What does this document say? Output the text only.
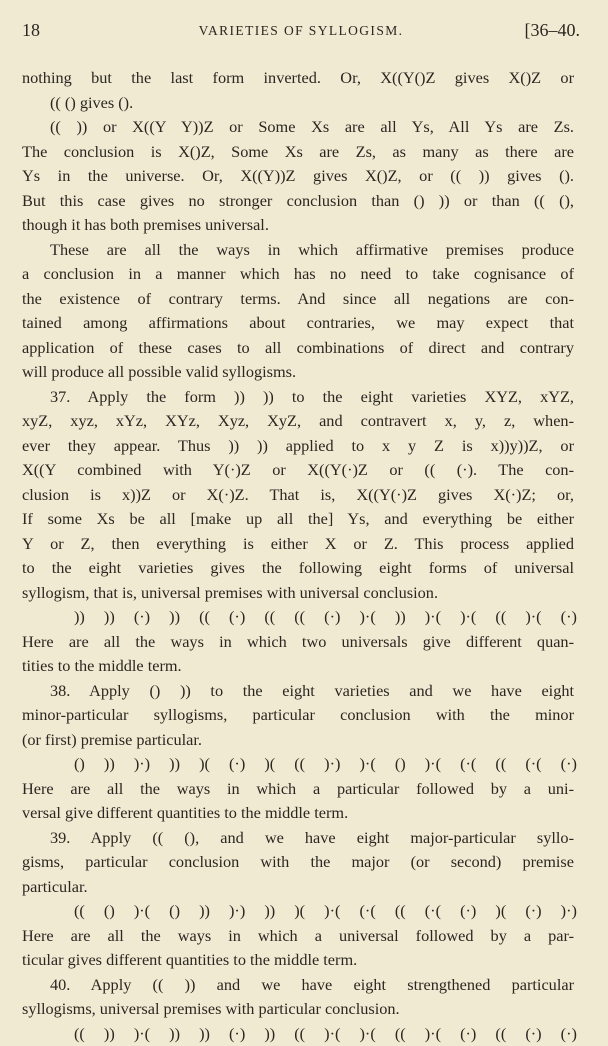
18	VARIETIES OF SYLLOGISM.	[36–40.
nothing but the last form inverted. Or, X((Y()Z gives X()Z or
(( () gives ().
(( )) or X((Y Y))Z or Some Xs are all Ys, All Ys are Zs.
The conclusion is X()Z, Some Xs are Zs, as many as there are
Ys in the universe. Or, X((Y))Z gives X()Z, or (( )) gives ().
But this case gives no stronger conclusion than () )) or than (( (),
though it has both premises universal.
These are all the ways in which affirmative premises produce
a conclusion in a manner which has no need to take cognisance of
the existence of contrary terms. And since all negations are con-
tained among affirmations about contraries, we may expect that
application of these cases to all combinations of direct and contrary
will produce all possible valid syllogisms.
37. Apply the form )) )) to the eight varieties XYZ, xYZ,
xyZ, xyz, xYz, XYz, Xyz, XyZ, and contravert x, y, z, when-
ever they appear. Thus )) )) applied to x y Z is x))y))Z, or
X((Y combined with Y(·)Z or X((Y(·)Z or (( (·). The con-
clusion is x))Z or X(·)Z. That is, X((Y(·)Z gives X(·)Z; or,
If some Xs be all [make up all the] Ys, and everything be either
Y or Z, then everything is either X or Z. This process applied
to the eight varieties gives the following eight forms of universal
syllogism, that is, universal premises with universal conclusion.
)) )) (·) )) (( (·) (( (( (·) )·( )) )·( )·( (( )·( (·)
Here are all the ways in which two universals give different quan-
tities to the middle term.
38. Apply () )) to the eight varieties and we have eight
minor-particular syllogisms, particular conclusion with the minor
(or first) premise particular.
() )) )·) )) )( (·) )( (( )·) )·( () )·( (·( (( (·( (·)
Here are all the ways in which a particular followed by a uni-
versal give different quantities to the middle term.
39. Apply (( (), and we have eight major-particular syllo-
gisms, particular conclusion with the major (or second) premise
particular.
(( () )·( () )) )·) )) )( )·( (·( (( (·( (·) )( (·) )·)
Here are all the ways in which a universal followed by a par-
ticular gives different quantities to the middle term.
40. Apply (( )) and we have eight strengthened particular
syllogisms, universal premises with particular conclusion.
(( )) )·( )) )) (·) )) (( )·( )·( (( )·( (·) (( (·) (·)
